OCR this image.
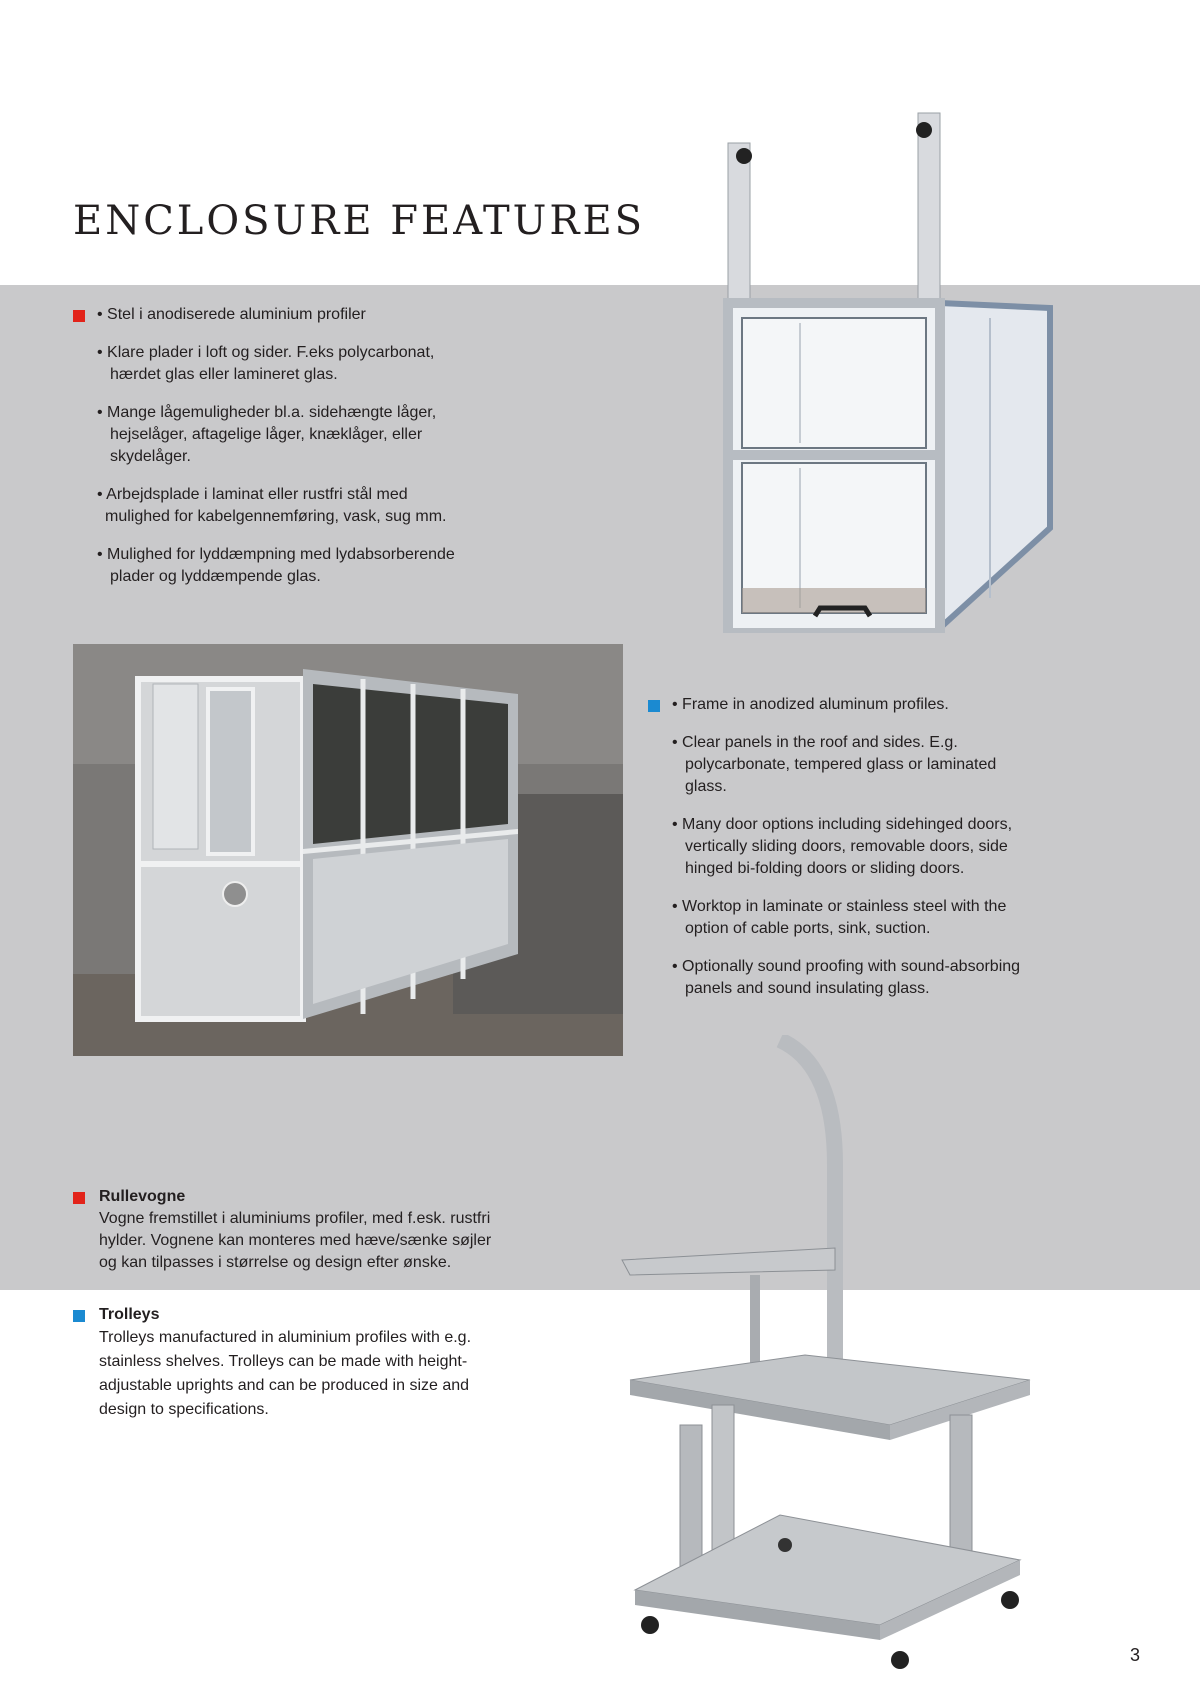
ENCLOSURE FEATURES

• Stel i anodiserede aluminium profiler

• Klare plader i loft og sider. F.eks polycarbonat,
hærdet glas eller lamineret glas.

• Mange lågemuligheder bl.a. sidehængte låger,
hejselåger, aftagelige låger, knæklåger, eller
skydelåger.

• Arbejdsplade i laminat eller rustfri stål med
mulighed for kabelgennemføring, vask, sug mm.

• Mulighed for lyddæmpning med lydabsorberende
plader og lyddæmpende glas.

• Frame in anodized aluminum profiles.

• Clear panels in the roof and sides. E.g.
polycarbonate, tempered glass or laminated
glass.

• Many door options including sidehinged doors,
vertically sliding doors, removable doors, side
hinged bi-folding doors or sliding doors.

• Worktop in laminate or stainless steel with the
option of cable ports, sink, suction.

• Optionally sound proofing with sound-absorbing
panels and sound insulating glass.

Rullevogne
Vogne fremstillet i aluminiums profiler, med f.esk. rustfri
hylder. Vognene kan monteres med hæve/sænke søjler
og kan tilpasses i størrelse og design efter ønske.
Trolleys
Trolleys manufactured in aluminium profiles with e.g.
stainless shelves. Trolleys can be made with height-
adjustable uprights and can be produced in size and
design to specifications.
3
